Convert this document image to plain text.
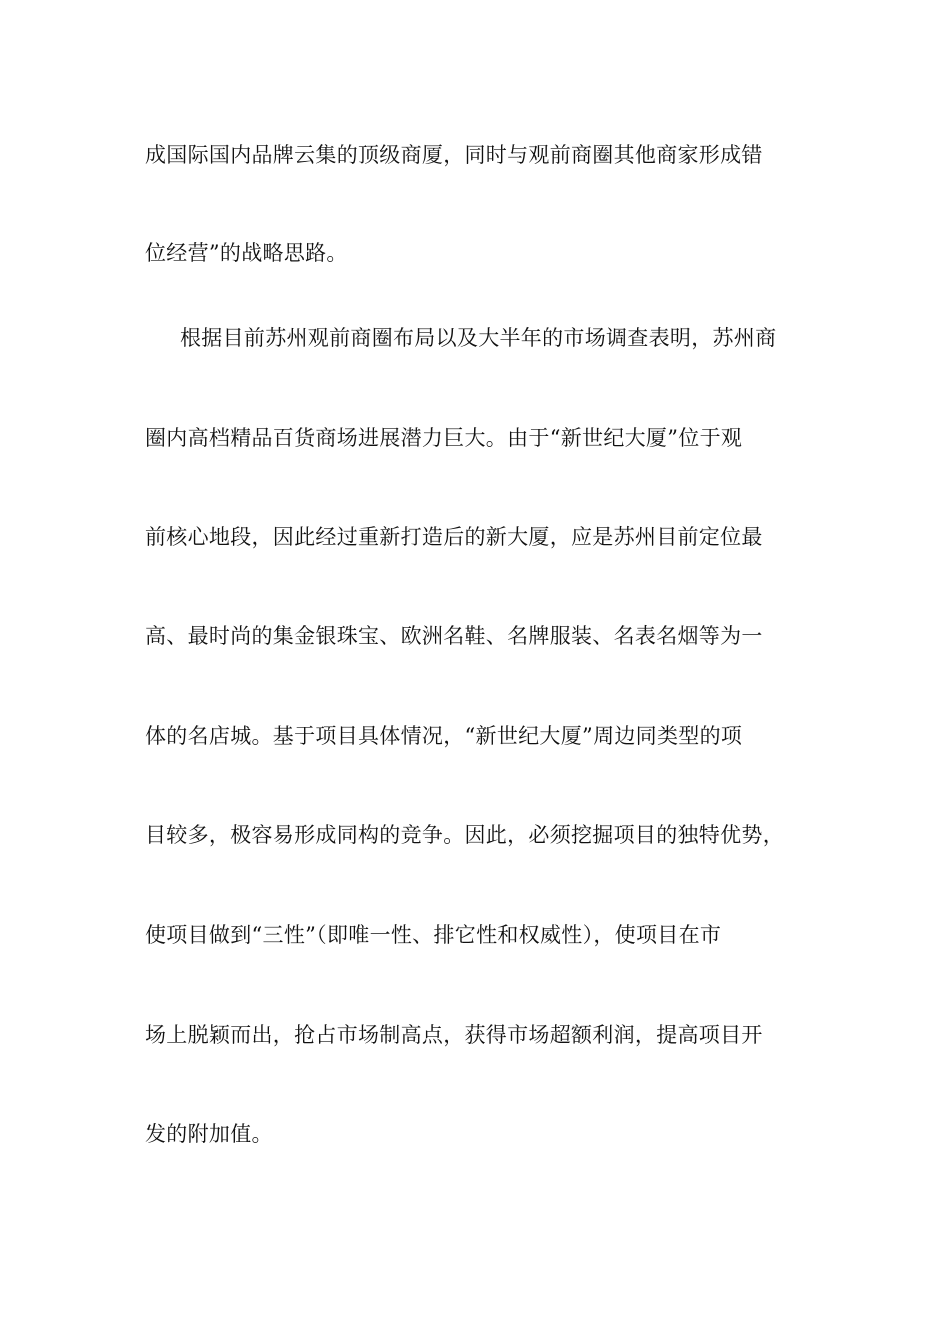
成国际国内品牌云集的顶级商厦，同时与观前商圈其他商家形成错
位经营”的战略思路。
根据目前苏州观前商圈布局以及大半年的市场调查表明，苏州商
圈内高档精品百货商场进展潜力巨大。由于“新世纪大厦”位于观
前核心地段，因此经过重新打造后的新大厦，应是苏州目前定位最
高、最时尚的集金银珠宝、欧洲名鞋、名牌服装、名表名烟等为一
体的名店城。基于项目具体情况，“新世纪大厦”周边同类型的项
目较多，极容易形成同构的竞争。因此，必须挖掘项目的独特优势，
使项目做到“三性”（即唯一性、排它性和权威性），使项目在市
场上脱颖而出，抢占市场制高点，获得市场超额利润，提高项目开
发的附加值。
